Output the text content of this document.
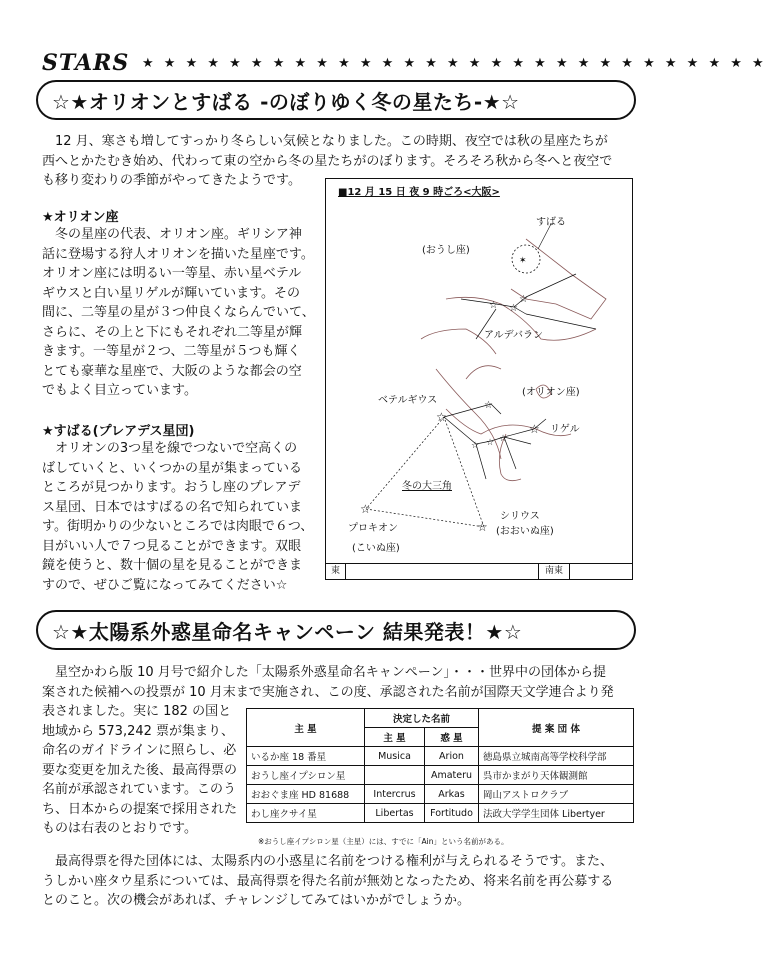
STARS ★ ★ ★ ★ ★ ★ ★ ★ ★ ★ ★ ★ ★ ★ ★ ★ ★ ★ ★ ★ ★ ★ ★ ★ ★ ★ ★ ★ ★
☆★オリオンとすばる -のぼりゆく冬の星たち-★☆
12 月、寒さも増してすっかり冬らしい気候となりました。この時期、夜空では秋の星座たちが

西へとかたむき始め、代わって東の空から冬の星たちがのぼります。そろそろ秋から冬へと夜空で
も移り変わりの季節がやってきたようです。
★オリオン座
冬の星座の代表、オリオン座。ギリシア神
話に登場する狩人オリオンを描いた星座です。
オリオン座には明るい一等星、赤い星ベテル
ギウスと白い星リゲルが輝いています。その
間に、二等星の星が３つ仲良くならんでいて、
さらに、その上と下にもそれぞれ二等星が輝
きます。一等星が２つ、二等星が５つも輝く
とても豪華な星座で、大阪のような都会の空
でもよく目立っています。
★すばる(プレアデス星団)
オリオンの3つ星を線でつないで空高くの
ばしていくと、いくつかの星が集まっている
ところが見つかります。おうし座のプレアデ
ス星団、日本ではすばるの名で知られていま
す。街明かりの少ないところでは肉眼で６つ、
目がいい人で７つ見ることができます。双眼
鏡を使うと、数十個の星を見ることができま
すので、ぜひご覧になってみてください☆
■12 月 15 日 夜 9 時ごろ<大阪>
✶
☆ ☆
☆
☆
☆
☆ ☆ ☆
☆
☆
☆
すばる
(おうし座)
アルデバラン
(オリオン座)
ベテルギウス
リゲル
冬の大三角
シリウス
(おおいぬ座)
プロキオン
(こいぬ座)
東	南東
☆★太陽系外惑星命名キャンペーン 結果発表！★☆
星空かわら版 10 月号で紹介した「太陽系外惑星命名キャンペーン」・・・世界中の団体から提
案された候補への投票が 10 月末まで実施され、この度、承認された名前が国際天文学連合より発
表されました。実に 182 の国と
地域から 573,242 票が集まり、
命名のガイドラインに照らし、必
要な変更を加えた後、最高得票の
名前が承認されています。このう
ち、日本からの提案で採用された
ものは右表のとおりです。
主 星	決定した名前		提 案 団 体
	主 星	惑 星	
いるか座 18 番星	Musica	Arion	徳島県立城南高等学校科学部
おうし座イプシロン星		Amateru	呉市かまがり天体観測館
おおぐま座 HD 81688	Intercrus	Arkas	岡山アストロクラブ
わし座クサイ星	Libertas	Fortitudo	法政大学学生団体 Libertyer
※おうし座イプシロン星（主星）には、すでに「Ain」という名前がある。
最高得票を得た団体には、太陽系内の小惑星に名前をつける権利が与えられるそうです。また、
うしかい座タウ星系については、最高得票を得た名前が無効となったため、将来名前を再公募する
とのこと。次の機会があれば、チャレンジしてみてはいかがでしょうか。
